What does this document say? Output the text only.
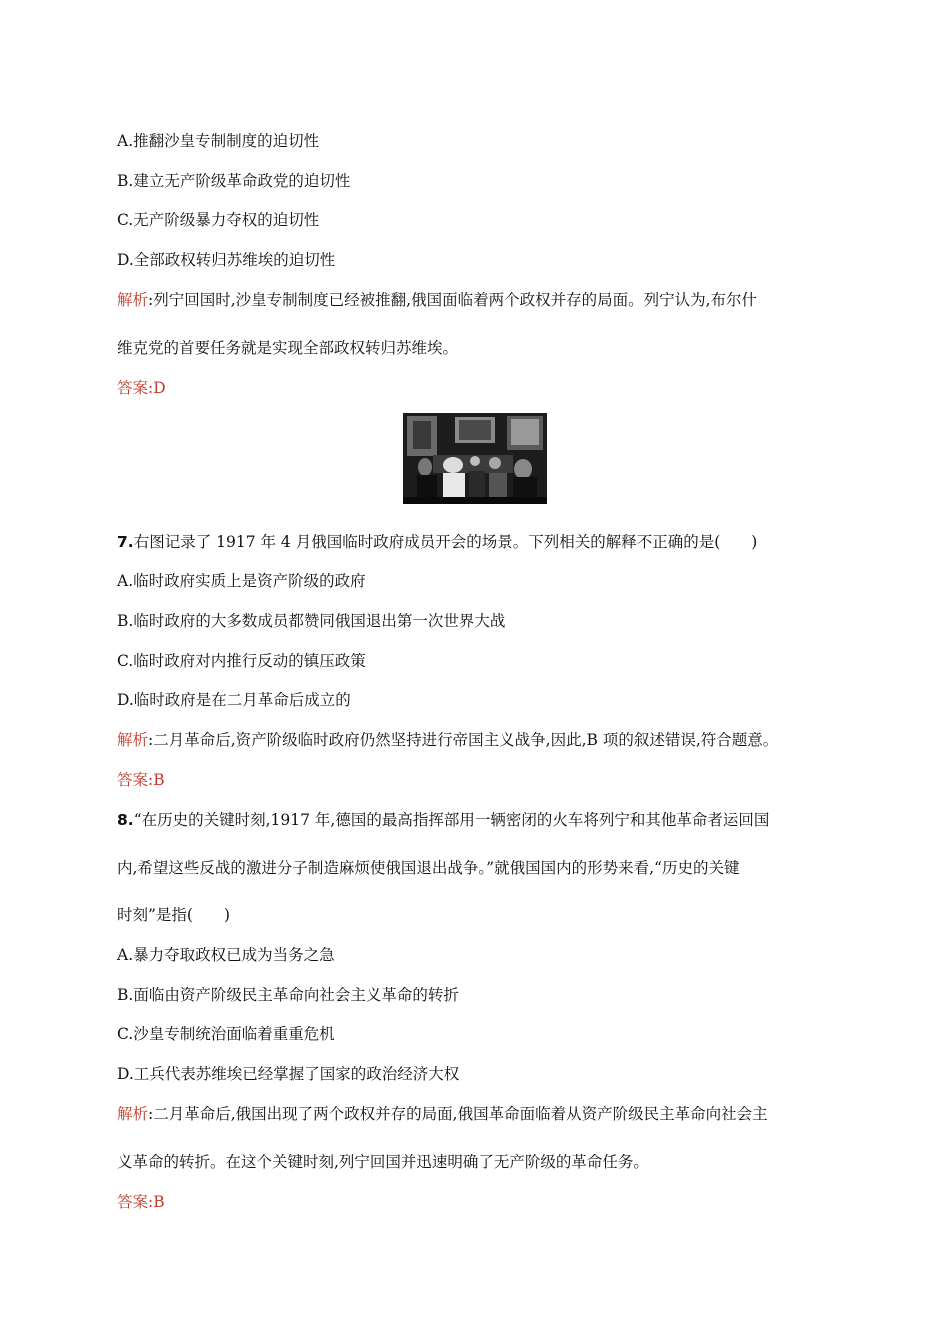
A.推翻沙皇专制制度的迫切性
B.建立无产阶级革命政党的迫切性
C.无产阶级暴力夺权的迫切性
D.全部政权转归苏维埃的迫切性
解析:列宁回国时,沙皇专制制度已经被推翻,俄国面临着两个政权并存的局面。列宁认为,布尔什
维克党的首要任务就是实现全部政权转归苏维埃。
答案:D
7.右图记录了 1917 年 4 月俄国临时政府成员开会的场景。下列相关的解释不正确的是(　　)
A.临时政府实质上是资产阶级的政府
B.临时政府的大多数成员都赞同俄国退出第一次世界大战
C.临时政府对内推行反动的镇压政策
D.临时政府是在二月革命后成立的
解析:二月革命后,资产阶级临时政府仍然坚持进行帝国主义战争,因此,B 项的叙述错误,符合题意。
答案:B
8.“在历史的关键时刻,1917 年,德国的最高指挥部用一辆密闭的火车将列宁和其他革命者运回国
内,希望这些反战的激进分子制造麻烦使俄国退出战争。”就俄国国内的形势来看,“历史的关键
时刻”是指(　　)
A.暴力夺取政权已成为当务之急
B.面临由资产阶级民主革命向社会主义革命的转折
C.沙皇专制统治面临着重重危机
D.工兵代表苏维埃已经掌握了国家的政治经济大权
解析:二月革命后,俄国出现了两个政权并存的局面,俄国革命面临着从资产阶级民主革命向社会主
义革命的转折。在这个关键时刻,列宁回国并迅速明确了无产阶级的革命任务。
答案:B
